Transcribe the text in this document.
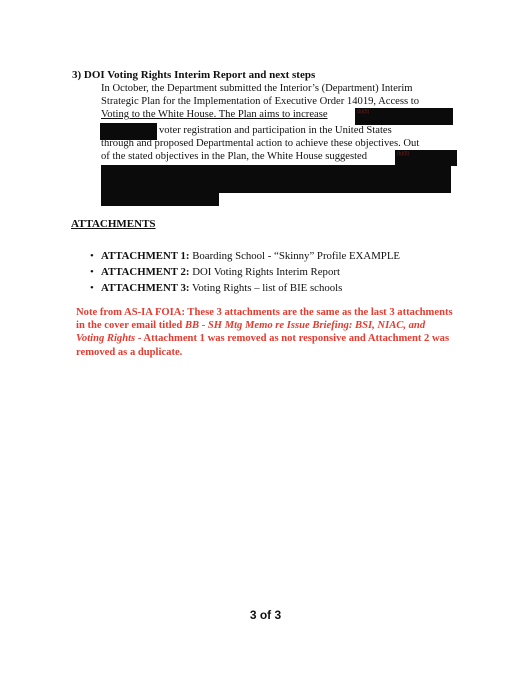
3) DOI Voting Rights Interim Report and next steps
In October, the Department submitted the Interior’s (Department) Interim
Strategic Plan for the Implementation of Executive Order 14019, Access to
Voting to the White House. The Plan aims to increase	(b)(5)
voter registration and participation in the United States
through and proposed Departmental action to achieve these objectives. Out
of the stated objectives in the Plan, the White House suggested	(b)(5)
ATTACHMENTS
• ATTACHMENT 1: Boarding School - “Skinny” Profile EXAMPLE
• ATTACHMENT 2: DOI Voting Rights Interim Report
• ATTACHMENT 3: Voting Rights – list of BIE schools
Note from AS-IA FOIA: These 3 attachments are the same as the last 3 attachments in the cover email titled BB - SH Mtg Memo re Issue Briefing: BSI, NIAC, and Voting Rights - Attachment 1 was removed as not responsive and Attachment 2 was removed as a duplicate.
3 of 3
